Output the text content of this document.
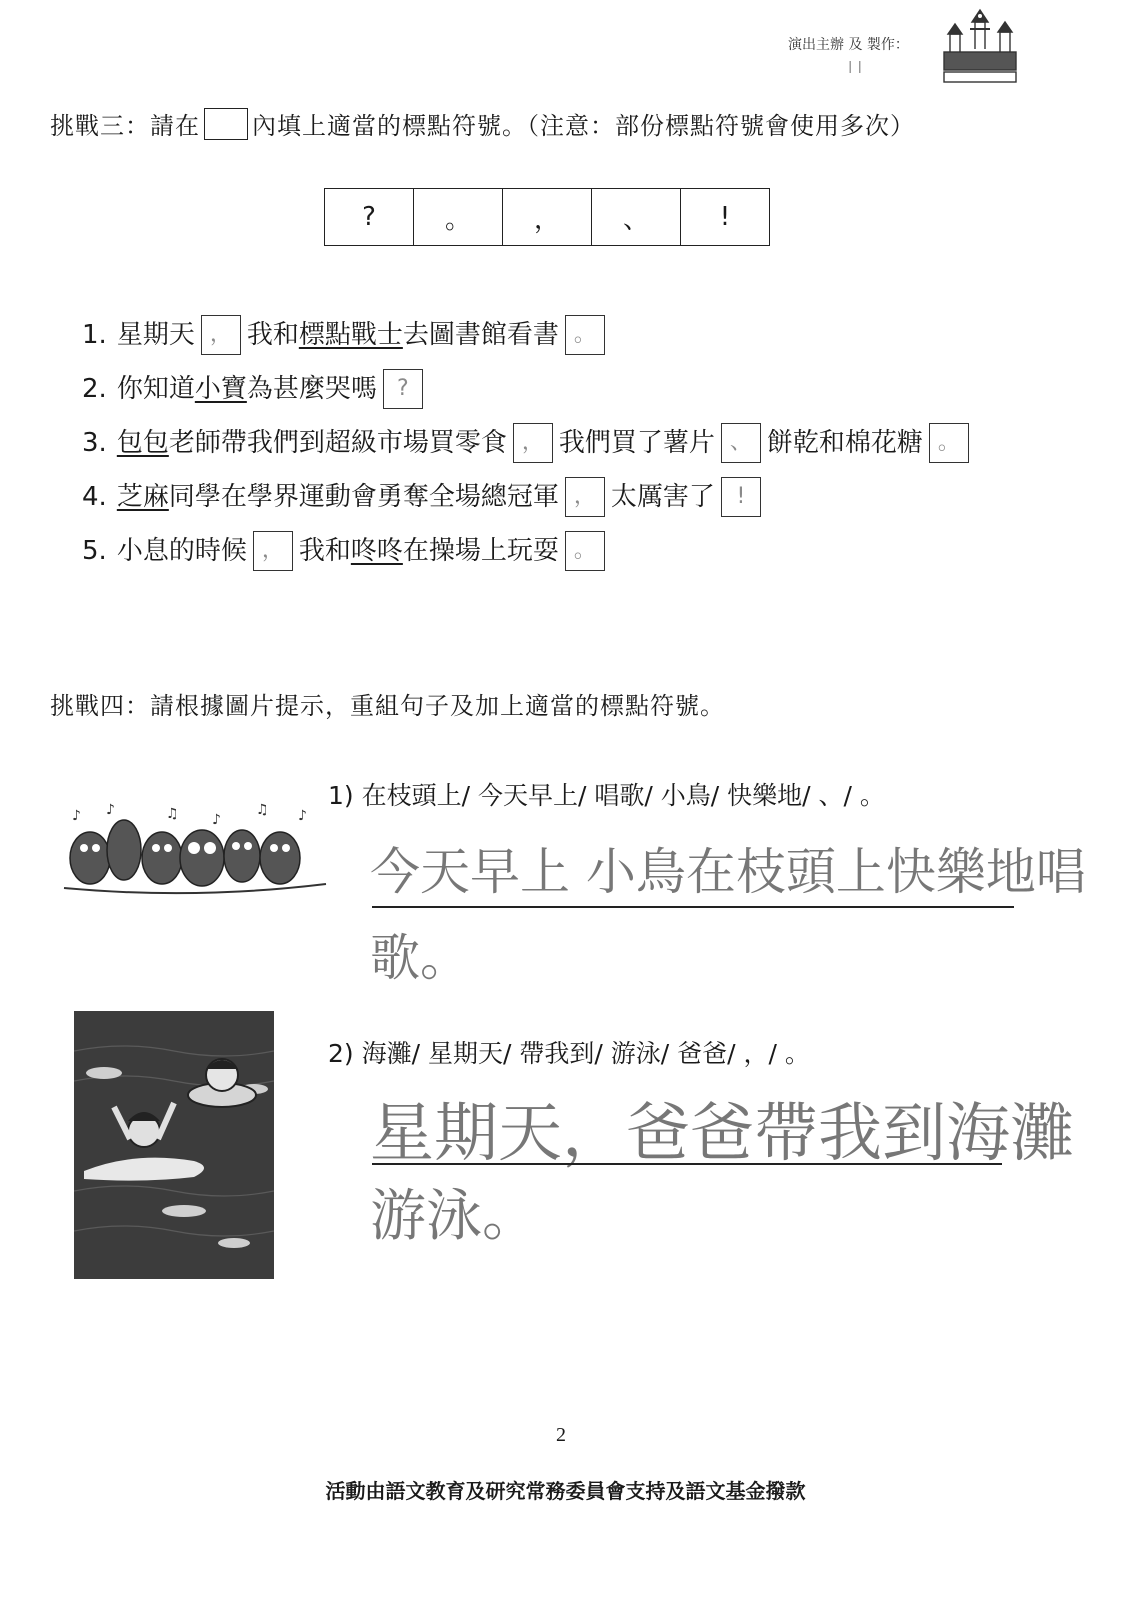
演出主辦 及 製作：
l l
挑戰三：請在 內填上適當的標點符號。（注意：部份標點符號會使用多次）
?	。	，	、	!
1. 星期天 ， 我和 標點戰士 去圖書館看書 。
2. 你知道 小寶 為甚麼哭嗎 ?
3. 包包 老師帶我們到超級市場買零食 ， 我們買了薯片 、 餅乾和棉花糖 。
4. 芝麻 同學在學界運動會勇奪全場總冠軍 ， 太厲害了 !
5. 小息的時候 ， 我和 咚咚 在操場上玩耍 。
挑戰四：請根據圖片提示，重組句子及加上適當的標點符號。
♪ ♪	♫ ♪
♫ ♪
1) 在枝頭上/ 今天早上/ 唱歌/ 小鳥/ 快樂地/ 、/ 。
今天早上 小鳥在枝頭上快樂地唱
歌。
2) 海灘/ 星期天/ 帶我到/ 游泳/ 爸爸/ ，/ 。
星期天，爸爸帶我到海灘
游泳。
2
活動由語文教育及研究常務委員會支持及語文基金撥款
